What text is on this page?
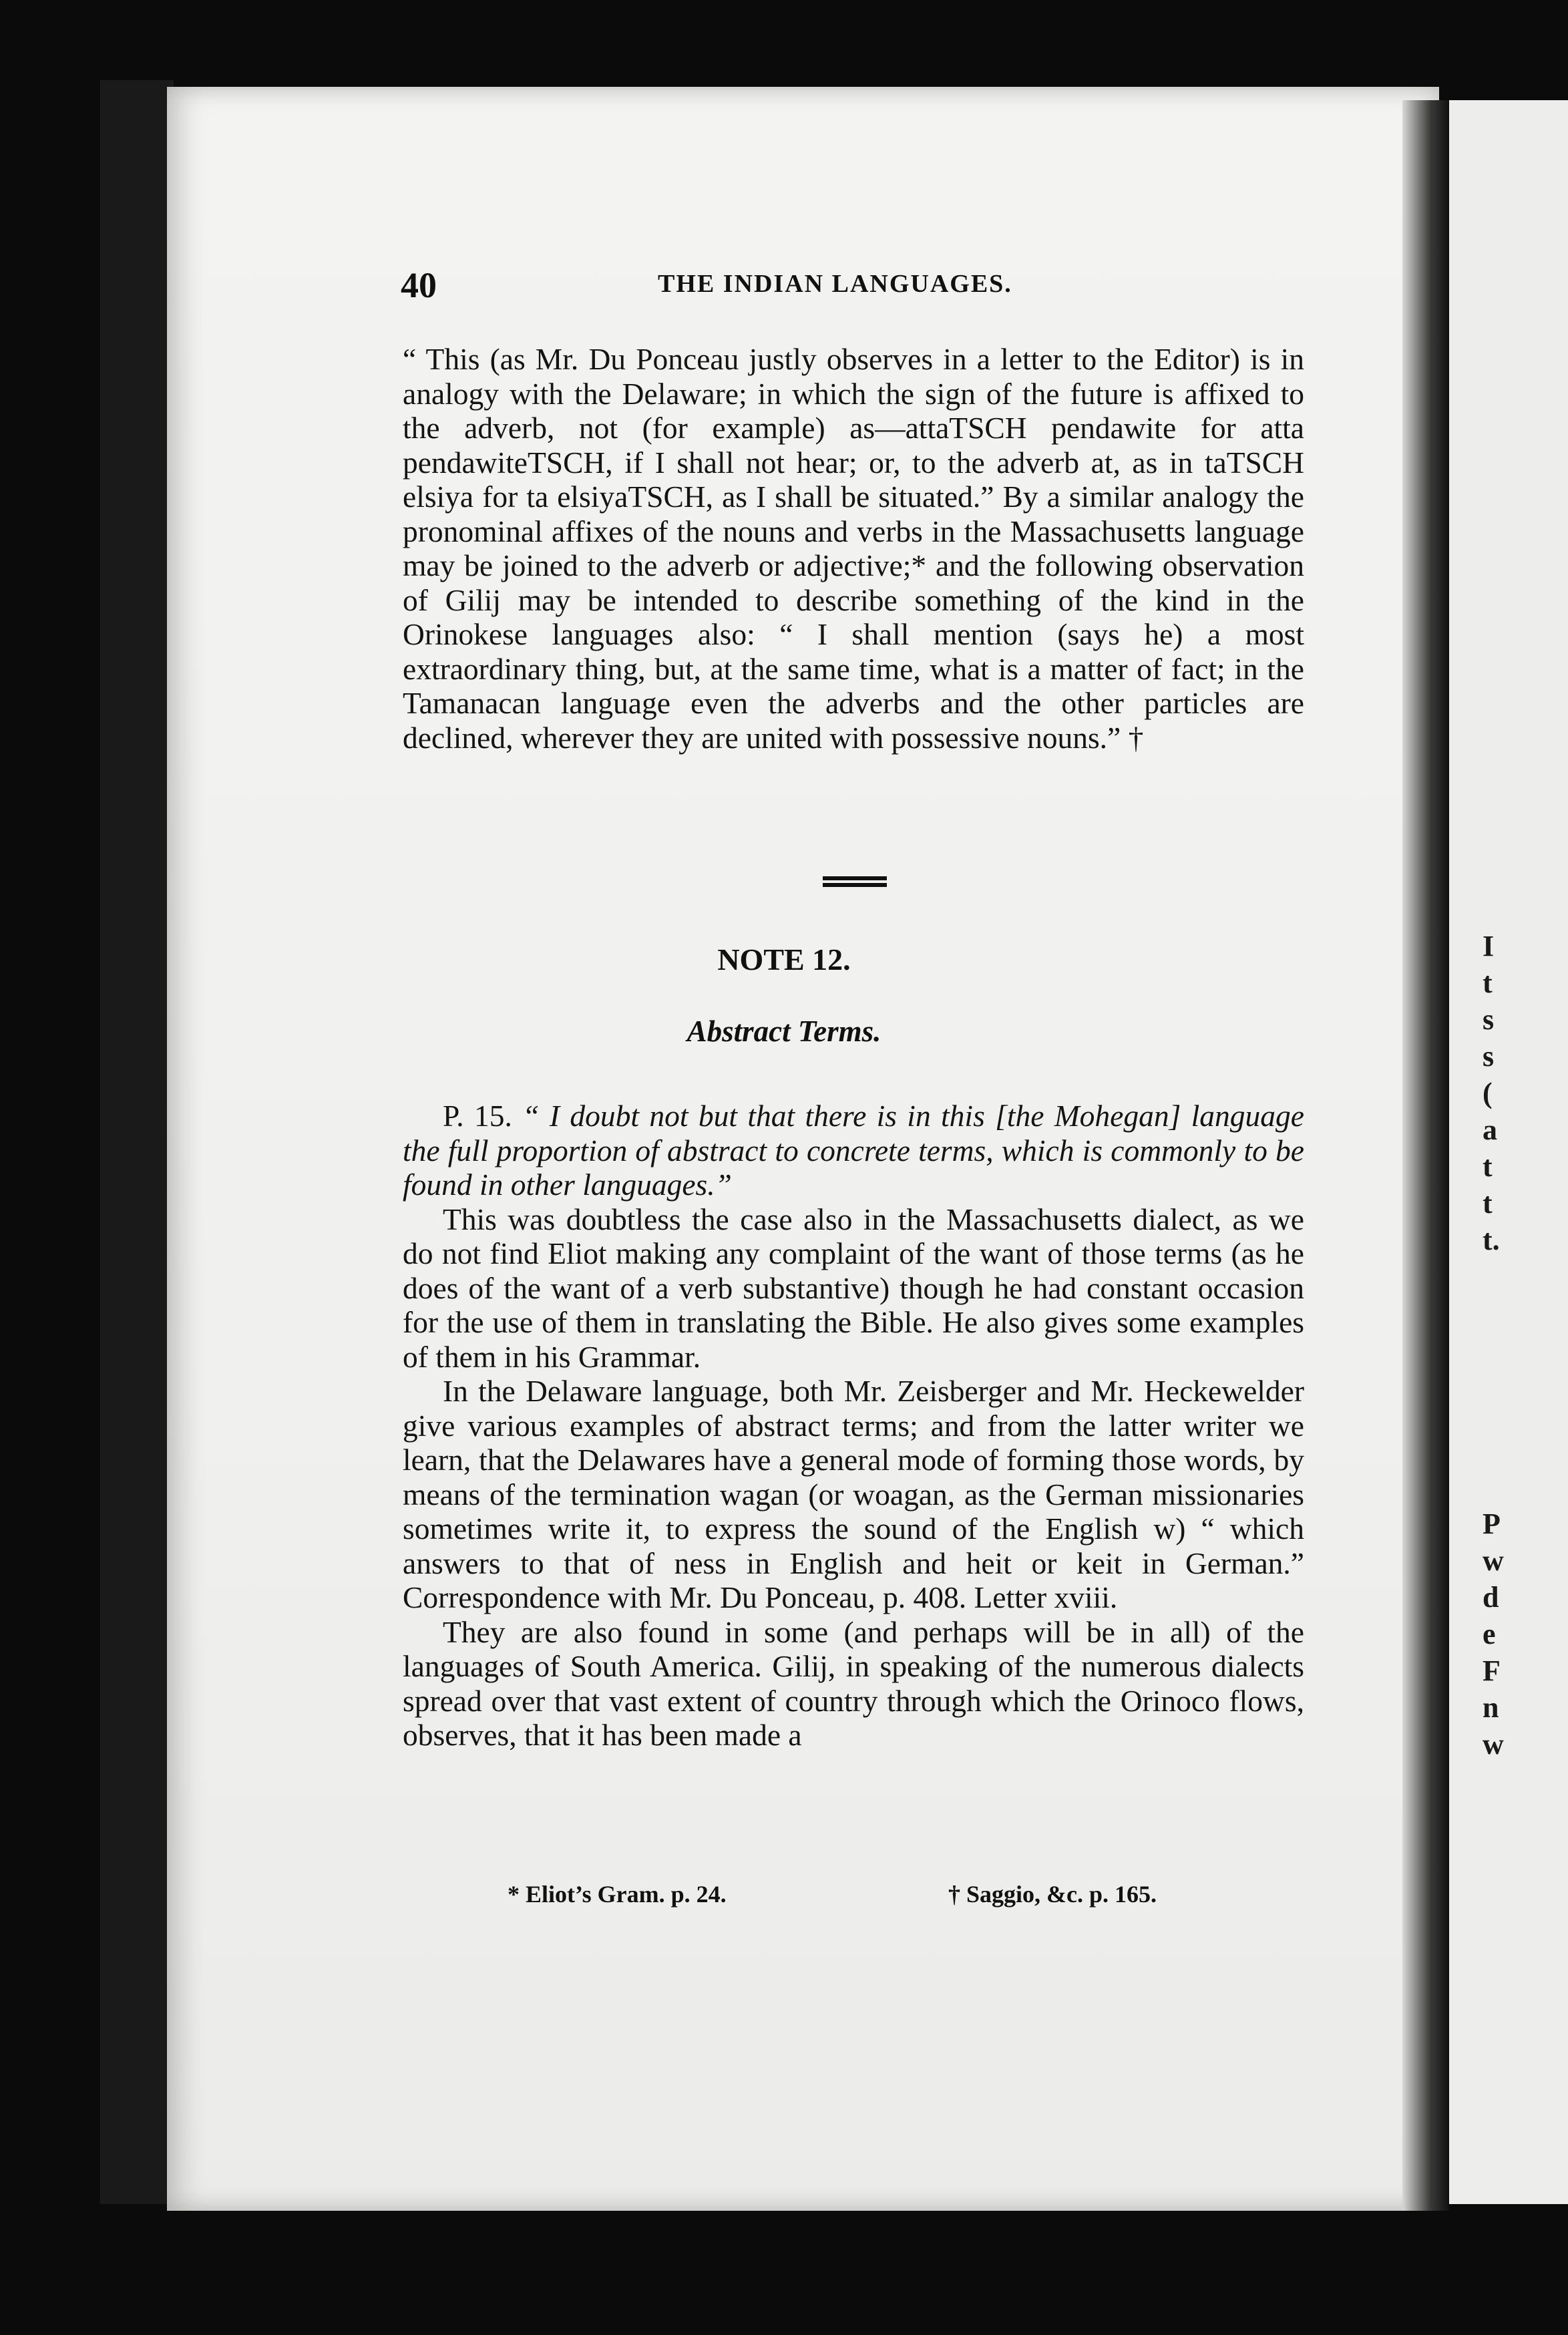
I
t
s
s
(
a
t
t
t.
P
w
d
e
F
n
w
40	THE INDIAN LANGUAGES.

“ This (as Mr. Du Ponceau justly observes in a letter to the Editor) is in analogy with the Delaware; in which the sign of the future is affixed to the adverb, not (for example) as—attaTSCH pendawite for atta pendawiteTSCH, if I shall not hear; or, to the adverb at, as in taTSCH elsiya for ta elsiyaTSCH, as I shall be situated.” By a similar analogy the pronominal affixes of the nouns and verbs in the Massachusetts language may be joined to the adverb or adjective;* and the following observation of Gilij may be intended to describe something of the kind in the Orinokese languages also: “ I shall mention (says he) a most extraordinary thing, but, at the same time, what is a matter of fact; in the Tamanacan language even the adverbs and the other particles are declined, wherever they are united with possessive nouns.” †

NOTE 12.
Abstract Terms.

P. 15. “ I doubt not but that there is in this [the Mohegan] language the full proportion of abstract to concrete terms, which is commonly to be found in other languages.”

This was doubtless the case also in the Massachusetts dialect, as we do not find Eliot making any complaint of the want of those terms (as he does of the want of a verb substantive) though he had constant occasion for the use of them in translating the Bible. He also gives some examples of them in his Grammar.

In the Delaware language, both Mr. Zeisberger and Mr. Heckewelder give various examples of abstract terms; and from the latter writer we learn, that the Delawares have a general mode of forming those words, by means of the termination wagan (or woagan, as the German missionaries sometimes write it, to express the sound of the English w) “ which answers to that of ness in English and heit or keit in German.” Correspondence with Mr. Du Ponceau, p. 408. Letter xviii.

They are also found in some (and perhaps will be in all) of the languages of South America. Gilij, in speaking of the numerous dialects spread over that vast extent of country through which the Orinoco flows, observes, that it has been made a

* Eliot’s Gram. p. 24.	† Saggio, &c. p. 165.
